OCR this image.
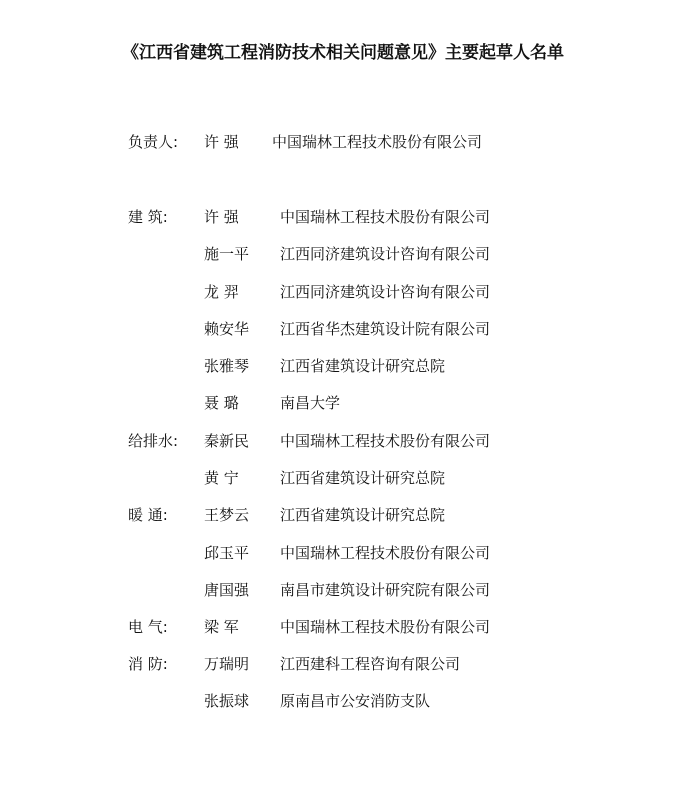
《江西省建筑工程消防技术相关问题意见》主要起草人名单
负责人: 许 强 中国瑞林工程技术股份有限公司
建 筑: 许 强	中国瑞林工程技术股份有限公司
施一平 江西同济建筑设计咨询有限公司
龙 羿	江西同济建筑设计咨询有限公司
赖安华 江西省华杰建筑设计院有限公司
张雅琴 江西省建筑设计研究总院
聂 璐	南昌大学
给排水: 秦新民 中国瑞林工程技术股份有限公司
黄 宁	江西省建筑设计研究总院
暖 通: 王梦云 江西省建筑设计研究总院
邱玉平 中国瑞林工程技术股份有限公司
唐国强 南昌市建筑设计研究院有限公司
电 气: 梁 军	中国瑞林工程技术股份有限公司
消 防: 万瑞明 江西建科工程咨询有限公司
张振球 原南昌市公安消防支队
